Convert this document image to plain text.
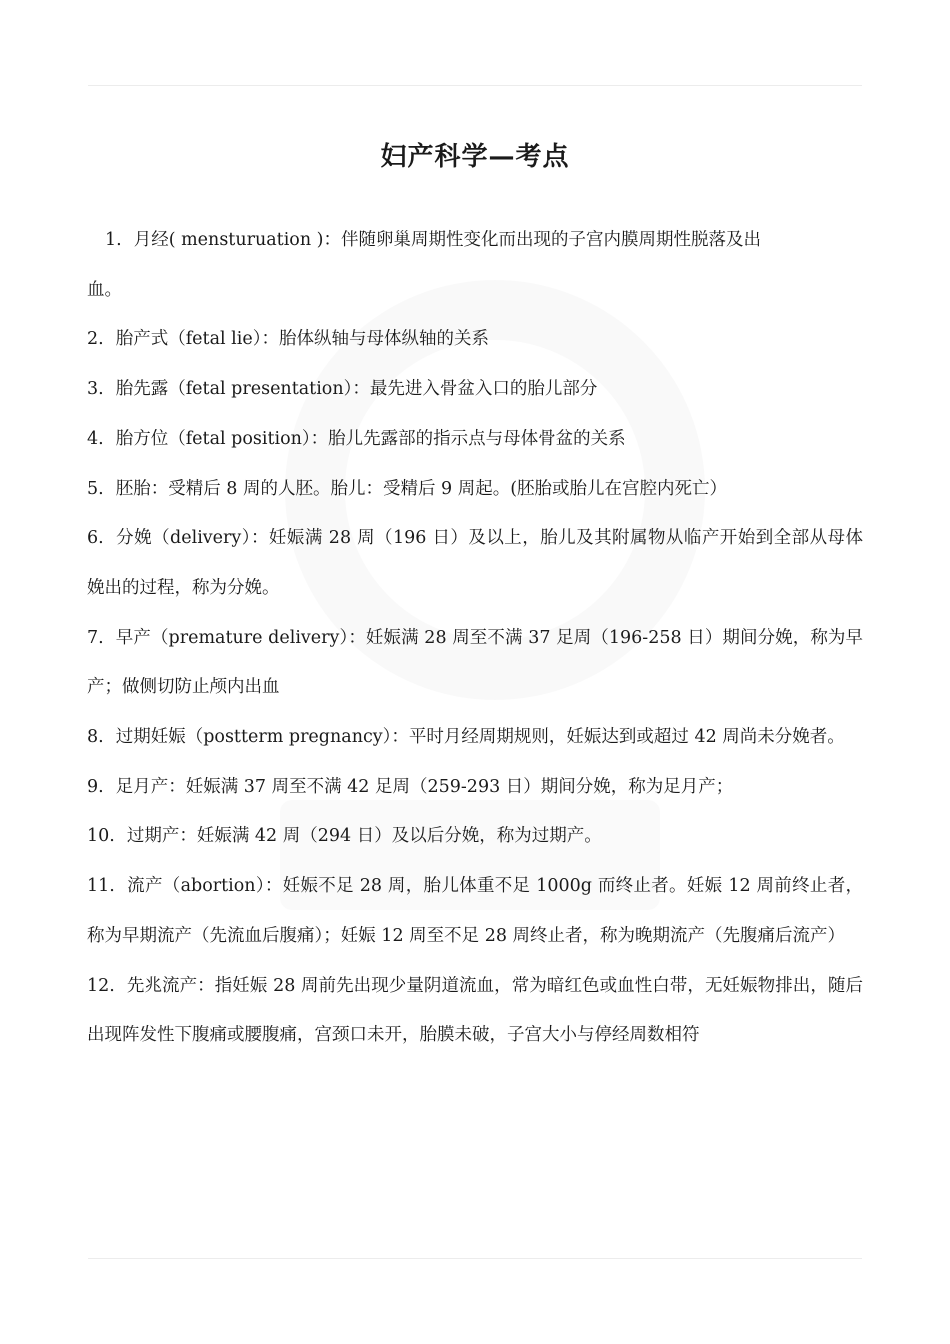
妇产科学—考点

1. 月经( mensturuation )：伴随卵巢周期性变化而出现的子宫内膜周期性脱落及出
血。

2. 胎产式（fetal lie）：胎体纵轴与母体纵轴的关系

3. 胎先露（fetal presentation）：最先进入骨盆入口的胎儿部分

4. 胎方位（fetal position）：胎儿先露部的指示点与母体骨盆的关系

5. 胚胎：受精后 8 周的人胚。胎儿：受精后 9 周起。(胚胎或胎儿在宫腔内死亡）

6. 分娩（delivery）：妊娠满 28 周（196 日）及以上，胎儿及其附属物从临产开始到全部从母体娩出的过程，称为分娩。

7. 早产（premature delivery）：妊娠满 28 周至不满 37 足周（196-258 日）期间分娩，称为早产；做侧切防止颅内出血

8. 过期妊娠（postterm pregnancy）：平时月经周期规则，妊娠达到或超过 42 周尚未分娩者。

9. 足月产：妊娠满 37 周至不满 42 足周（259-293 日）期间分娩，称为足月产；

10. 过期产：妊娠满 42 周（294 日）及以后分娩，称为过期产。

11. 流产（abortion）：妊娠不足 28 周，胎儿体重不足 1000g 而终止者。妊娠 12 周前终止者，称为早期流产（先流血后腹痛）；妊娠 12 周至不足 28 周终止者，称为晚期流产（先腹痛后流产）

12. 先兆流产：指妊娠 28 周前先出现少量阴道流血，常为暗红色或血性白带，无妊娠物排出，随后出现阵发性下腹痛或腰腹痛，宫颈口未开，胎膜未破，子宫大小与停经周数相符
